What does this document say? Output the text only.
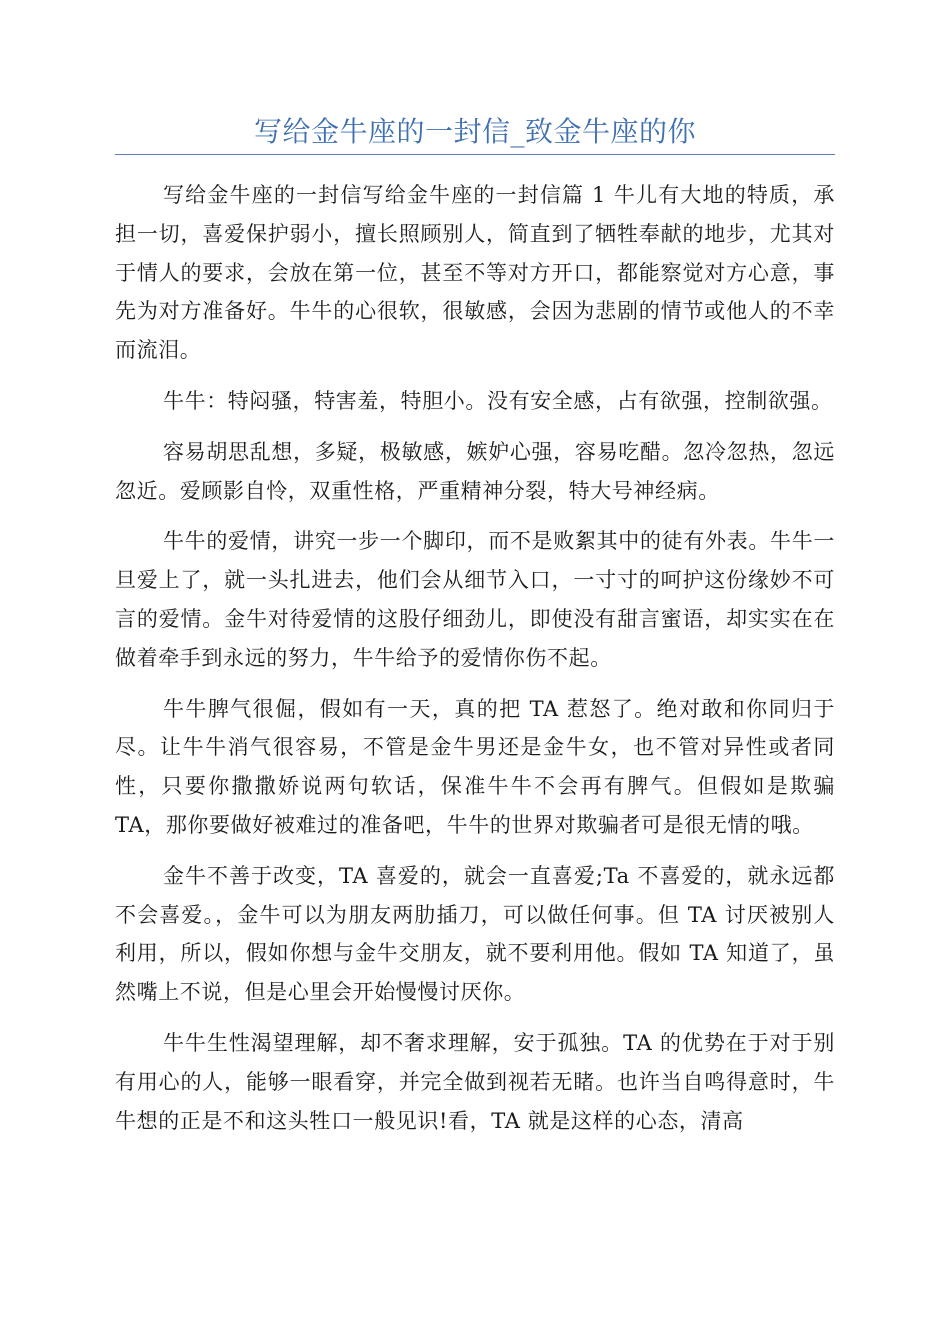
写给金牛座的一封信_致金牛座的你

写给金牛座的一封信写给金牛座的一封信篇 1 牛儿有大地的特质，承担一切，喜爱保护弱小，擅长照顾别人，简直到了牺牲奉献的地步，尤其对于情人的要求，会放在第一位，甚至不等对方开口，都能察觉对方心意，事先为对方准备好。牛牛的心很软，很敏感，会因为悲剧的情节或他人的不幸而流泪。

牛牛：特闷骚，特害羞，特胆小。没有安全感，占有欲强，控制欲强。

容易胡思乱想，多疑，极敏感，嫉妒心强，容易吃醋。忽冷忽热，忽远忽近。爱顾影自怜，双重性格，严重精神分裂，特大号神经病。

牛牛的爱情，讲究一步一个脚印，而不是败絮其中的徒有外表。牛牛一旦爱上了，就一头扎进去，他们会从细节入口，一寸寸的呵护这份缘妙不可言的爱情。金牛对待爱情的这股仔细劲儿，即使没有甜言蜜语，却实实在在做着牵手到永远的努力，牛牛给予的爱情你伤不起。

牛牛脾气很倔，假如有一天，真的把 TA 惹怒了。绝对敢和你同归于尽。让牛牛消气很容易，不管是金牛男还是金牛女，也不管对异性或者同性，只要你撒撒娇说两句软话，保准牛牛不会再有脾气。但假如是欺骗TA，那你要做好被难过的准备吧，牛牛的世界对欺骗者可是很无情的哦。

金牛不善于改变，TA 喜爱的，就会一直喜爱;Ta 不喜爱的，就永远都不会喜爱。，金牛可以为朋友两肋插刀，可以做任何事。但 TA 讨厌被别人利用，所以，假如你想与金牛交朋友，就不要利用他。假如 TA 知道了，虽然嘴上不说，但是心里会开始慢慢讨厌你。

牛牛生性渴望理解，却不奢求理解，安于孤独。TA 的优势在于对于别有用心的人，能够一眼看穿，并完全做到视若无睹。也许当自鸣得意时，牛牛想的正是不和这头牲口一般见识!看，TA 就是这样的心态，清高
